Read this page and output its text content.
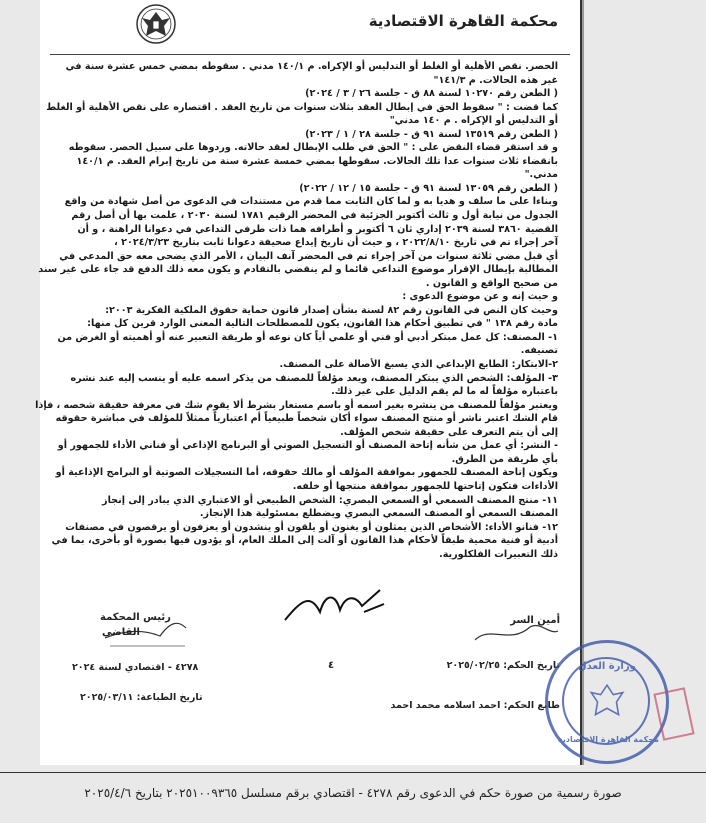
محكمة القاهرة الاقتصادية
الحصر. نقص الأهلية أو الغلط أو التدليس أو الإكراه. م ١٤٠/١ مدني . سقوطه بمضي خمس عشرة سنة في
غير هذه الحالات. م ١٤١/٣"
( الطعن رقم ١٠٢٧٠ لسنة ٨٨ ق - جلسة ٢٦ / ٣ / ٢٠٢٤)
كما قضت : " سقوط الحق في إبطال العقد بثلاث سنوات من تاريخ العقد . اقتصاره على نقص الأهلية أو الغلط
أو التدليس أو الإكراه . م ١٤٠ مدني"
( الطعن رقم ١٣٥١٩ لسنة ٩١ ق - جلسة ٢٨ / ١ / ٢٠٢٣)
و قد استقر قضاء النقض على : " الحق في طلب الإبطال لعقد حالاته. وردوها على سبيل الحصر. سقوطه
بانقضاء ثلاث سنوات عدا تلك الحالات. سقوطها بمضي خمسة عشرة سنة من تاريخ إبرام العقد. م ١٤٠/١
مدني."
( الطعن رقم ١٣٠٥٩ لسنة ٩١ ق - جلسة ١٥ / ١٢ / ٢٠٢٢)
وبناءا على ما سلف و هديا به و لما كان الثابت مما قدم من مستندات في الدعوى من أصل شهادة من واقع
الجدول من نيابة أول و ثالث أكتوبر الجزئية في المحضر الرقيم ١٧٨١ لسنة ٢٠٣٠ ، علمت بها أن أصل رقم
القضية ٣٨٦٠ لسنة ٢٠٣٩ إداري ثان ٦ أكتوبر و أطرافه هما ذات طرفي التداعي في دعوانا الراهنة ، و أن
آخر إجراء تم في تاريخ ٢٠٢٢/٨/١٠ ، و حيث أن تاريخ إيداع صحيفة دعوانا ثابت بتاريخ ٢٠٢٤/٣/٢٣ ،
أي قبل مضي ثلاثة سنوات من آخر إجراء تم في المحضر آنف البيان ، الأمر الذي يضحى معه حق المدعي في
المطالبة بإبطال الإقرار موضوع التداعي قائما و لم ينقضي بالتقادم و يكون معه ذلك الدفع قد جاء على غير سند
من صحيح الواقع و القانون .
و حيث إنه و عن موضوع الدعوى :
وحيث كان النص في القانون رقم ٨٢ لسنة بشأن إصدار قانون حماية حقوق الملكية الفكرية ٢٠٠٣:
مادة رقم ١٣٨ " في تطبيق أحكام هذا القانون، يكون للمصطلحات التالية المعنى الوارد قرين كل منها:
١- المصنف: كل عمل مبتكر أدبي أو فني أو علمي أياً كان نوعه أو طريقة التعبير عنه أو أهميته أو الغرض من
تصنيفه.
٢-الابتكار: الطابع الإبداعي الذي يسبغ الأصالة على المصنف.
٣- المؤلف: الشخص الذي يبتكر المصنف، ويعد مؤلفاً للمصنف من يذكر اسمه عليه أو ينسب إليه عند نشره
باعتباره مؤلفاً له ما لم يقم الدليل على غير ذلك.
ويعتبر مؤلفاً للمصنف من ينشره بغير اسمه أو باسم مستعار بشرط ألا يقوم شك في معرفة حقيقة شخصه ، فإذا
قام الشك اعتبر ناشر أو منتج المصنف سواء أكان شخصاً طبيعياً أم اعتبارياً ممثلاً للمؤلف في مباشرة حقوقه
إلى أن يتم التعرف على حقيقة شخص المؤلف.
- النشر: أي عمل من شأنه إتاحة المصنف أو التسجيل الصوتي أو البرنامج الإذاعي أو فناني الأداء للجمهور أو
بأي طريقة من الطرق.
ويكون إتاحة المصنف للجمهور بموافقة المؤلف أو مالك حقوقه، أما التسجيلات الصوتية أو البرامج الإذاعية أو
الأداءات فتكون إتاحتها للجمهور بموافقة منتجها أو خلفه.
١١- منتج المصنف السمعي أو السمعي البصري: الشخص الطبيعي أو الاعتباري الذي يبادر إلى إنجاز
المصنف السمعي أو المصنف السمعي البصري ويضطلع بمسئولية هذا الإنجاز.
١٢- فنانو الأداء: الأشخاص الذين يمثلون أو يغنون أو يلقون أو ينشدون أو يعزفون أو يرقصون في مصنفات
أدبية أو فنية محمية طبقاً لأحكام هذا القانون أو آلت إلى الملك العام، أو يؤدون فيها بصورة أو بأخرى، بما في
ذلك التعبيرات الفلكلورية.
أمين السر
رئيس المحكمة
القاضي
٤	تاريخ الحكم: ٢٠٢٥/٠٢/٢٥
٤٢٧٨ - اقتصادي لسنة ٢٠٢٤
طابع الحكم: احمد اسلامه محمد احمد
تاريخ الطباعة: ٢٠٢٥/٠٣/١١
وزارة العدل
محكمة القاهرة الاقتصادية
صورة رسمية من صورة حكم في الدعوى رقم ٤٢٧٨ - اقتصادي برقم مسلسل ٢٠٢٥١٠٠٩٣٦٥ بتاريخ ٢٠٢٥/٤/٦
